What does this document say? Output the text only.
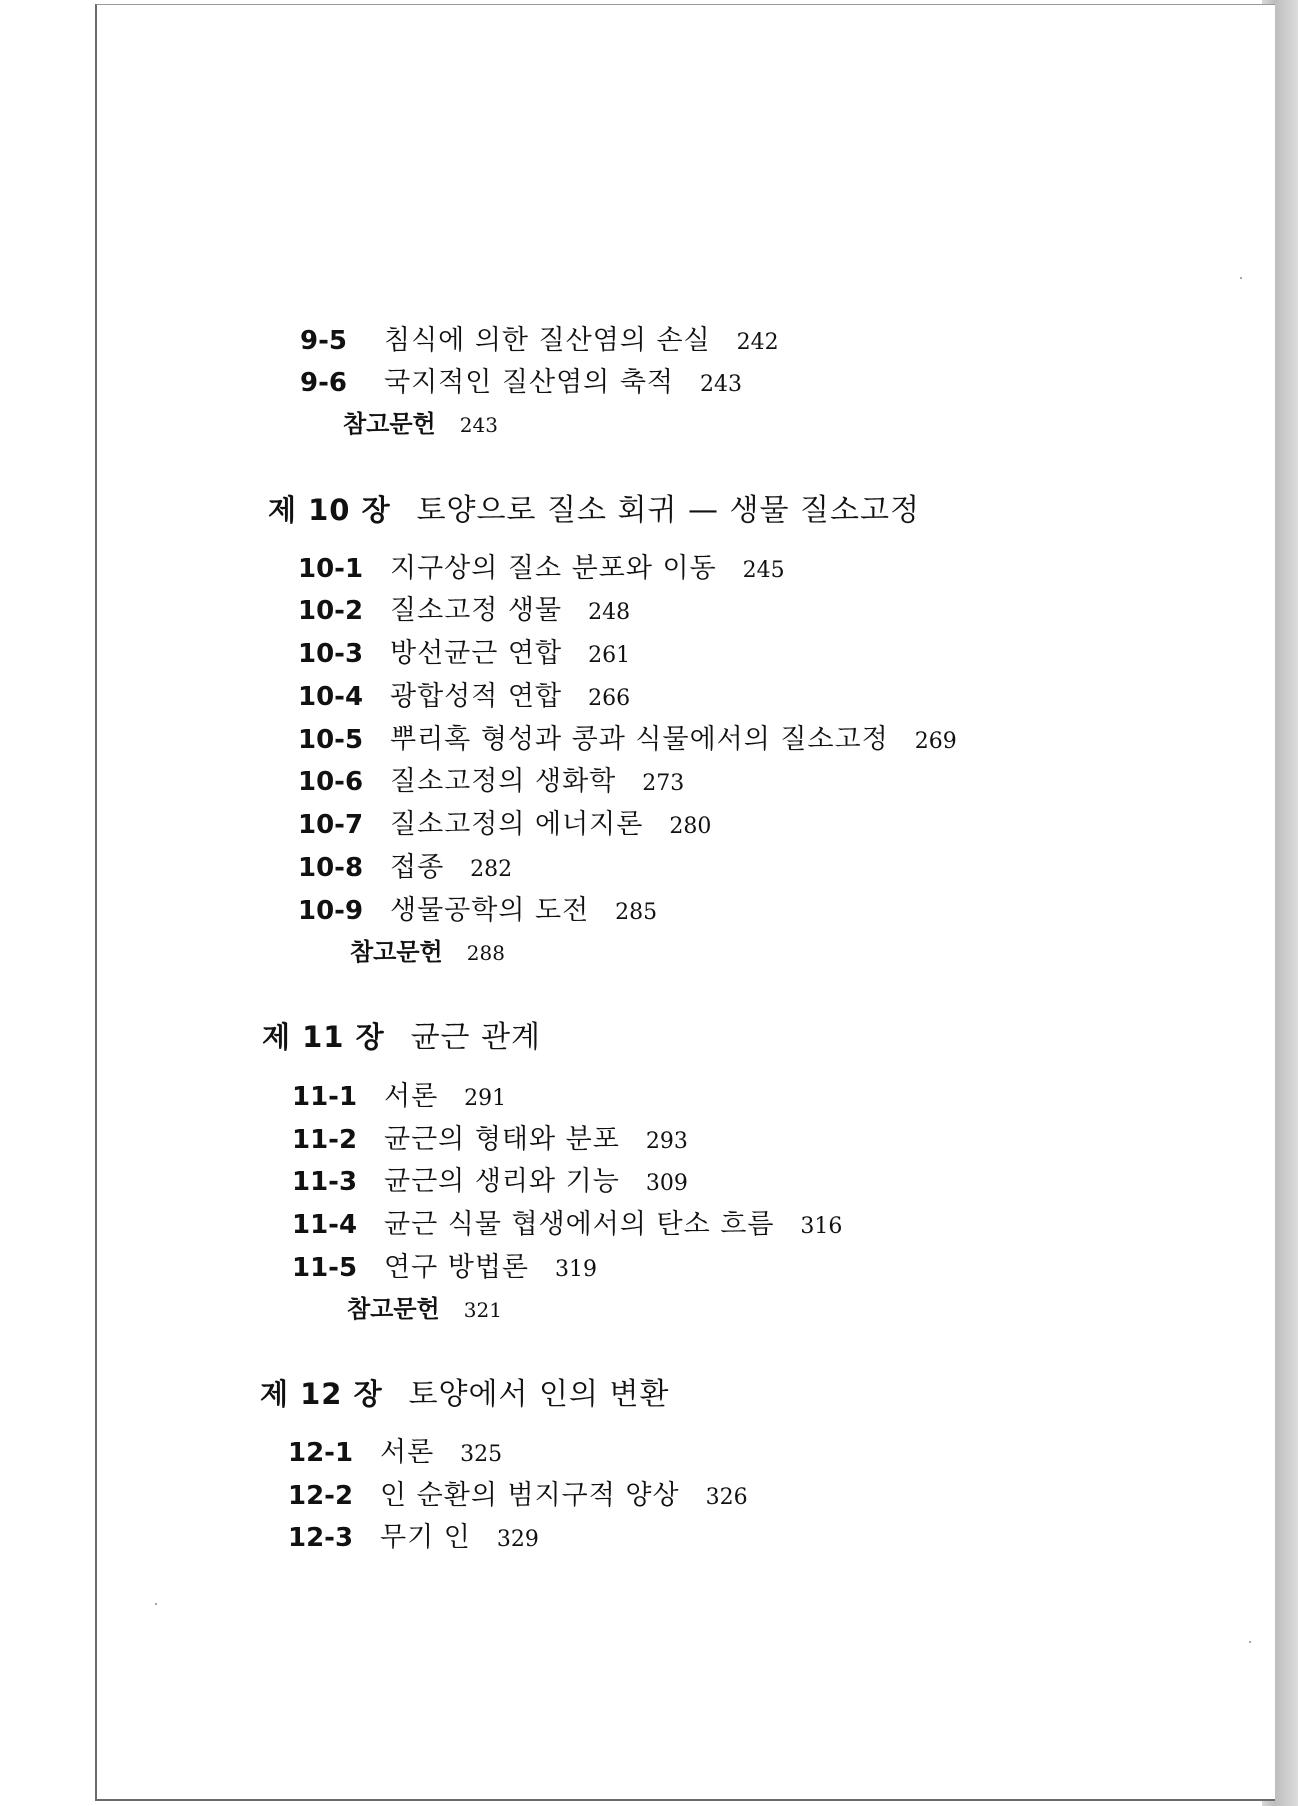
9-5 침식에 의한 질산염의 손실 242
9-6 국지적인 질산염의 축적 243
참고문헌 243
제 10 장 토양으로 질소 회귀 — 생물 질소고정
10-1 지구상의 질소 분포와 이동 245
10-2 질소고정 생물 248
10-3 방선균근 연합 261
10-4 광합성적 연합 266
10-5 뿌리혹 형성과 콩과 식물에서의 질소고정 269
10-6 질소고정의 생화학 273
10-7 질소고정의 에너지론 280
10-8 접종 282
10-9 생물공학의 도전 285
참고문헌 288
제 11 장 균근 관계
11-1 서론 291
11-2 균근의 형태와 분포 293
11-3 균근의 생리와 기능 309
11-4 균근 식물 협생에서의 탄소 흐름 316
11-5 연구 방법론 319
참고문헌 321
제 12 장 토양에서 인의 변환
12-1 서론 325
12-2 인 순환의 범지구적 양상 326
12-3 무기 인 329
